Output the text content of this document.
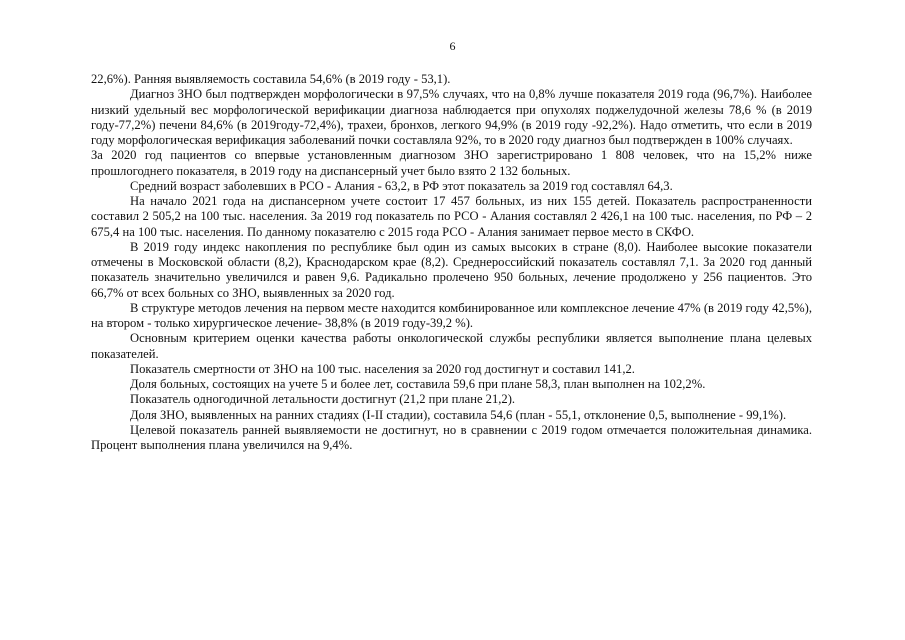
6

22,6%). Ранняя выявляемость составила 54,6% (в 2019 году - 53,1).

Диагноз ЗНО был подтвержден морфологически в 97,5% случаях, что на 0,8% лучше показателя 2019 года (96,7%). Наиболее низкий удельный вес морфологической верификации диагноза наблюдается при опухолях поджелудочной железы 78,6 % (в 2019 году-77,2%) печени 84,6% (в 2019году-72,4%), трахеи, бронхов, легкого 94,9% (в 2019 году -92,2%). Надо отметить, что если в 2019 году морфологическая верификация заболеваний почки составляла 92%, то в 2020 году диагноз был подтвержден в 100% случаях.

За 2020 год пациентов со впервые установленным диагнозом ЗНО зарегистрировано 1 808 человек, что на 15,2% ниже прошлогоднего показателя, в 2019 году на диспансерный учет было взято 2 132 больных.

Средний возраст заболевших в РСО - Алания - 63,2, в РФ этот показатель за 2019 год составлял 64,3.

На начало 2021 года на диспансерном учете состоит 17 457 больных, из них 155 детей. Показатель распространенности составил 2 505,2 на 100 тыс. населения. За 2019 год показатель по РСО - Алания составлял 2 426,1 на 100 тыс. населения, по РФ – 2 675,4 на 100 тыс. населения. По данному показателю с 2015 года РСО - Алания занимает первое место в СКФО.

В 2019 году индекс накопления по республике был один из самых высоких в стране (8,0). Наиболее высокие показатели отмечены в Московской области (8,2), Краснодарском крае (8,2). Среднероссийский показатель составлял 7,1. За 2020 год данный показатель значительно увеличился и равен 9,6. Радикально пролечено 950 больных, лечение продолжено у 256 пациентов. Это 66,7% от всех больных со ЗНО, выявленных за 2020 год.

В структуре методов лечения на первом месте находится комбинированное или комплексное лечение 47% (в 2019 году 42,5%), на втором - только хирургическое лечение- 38,8% (в 2019 году-39,2 %).

Основным критерием оценки качества работы онкологической службы республики является выполнение плана целевых показателей.

Показатель смертности от ЗНО на 100 тыс. населения за 2020 год достигнут и составил 141,2.

Доля больных, состоящих на учете 5 и более лет, составила 59,6 при плане 58,3, план выполнен на 102,2%.

Показатель одногодичной летальности достигнут (21,2 при плане 21,2).

Доля ЗНО, выявленных на ранних стадиях (I-II стадии), составила 54,6 (план - 55,1, отклонение 0,5, выполнение - 99,1%).

Целевой показатель ранней выявляемости не достигнут, но в сравнении с 2019 годом отмечается положительная динамика. Процент выполнения плана увеличился на 9,4%.
